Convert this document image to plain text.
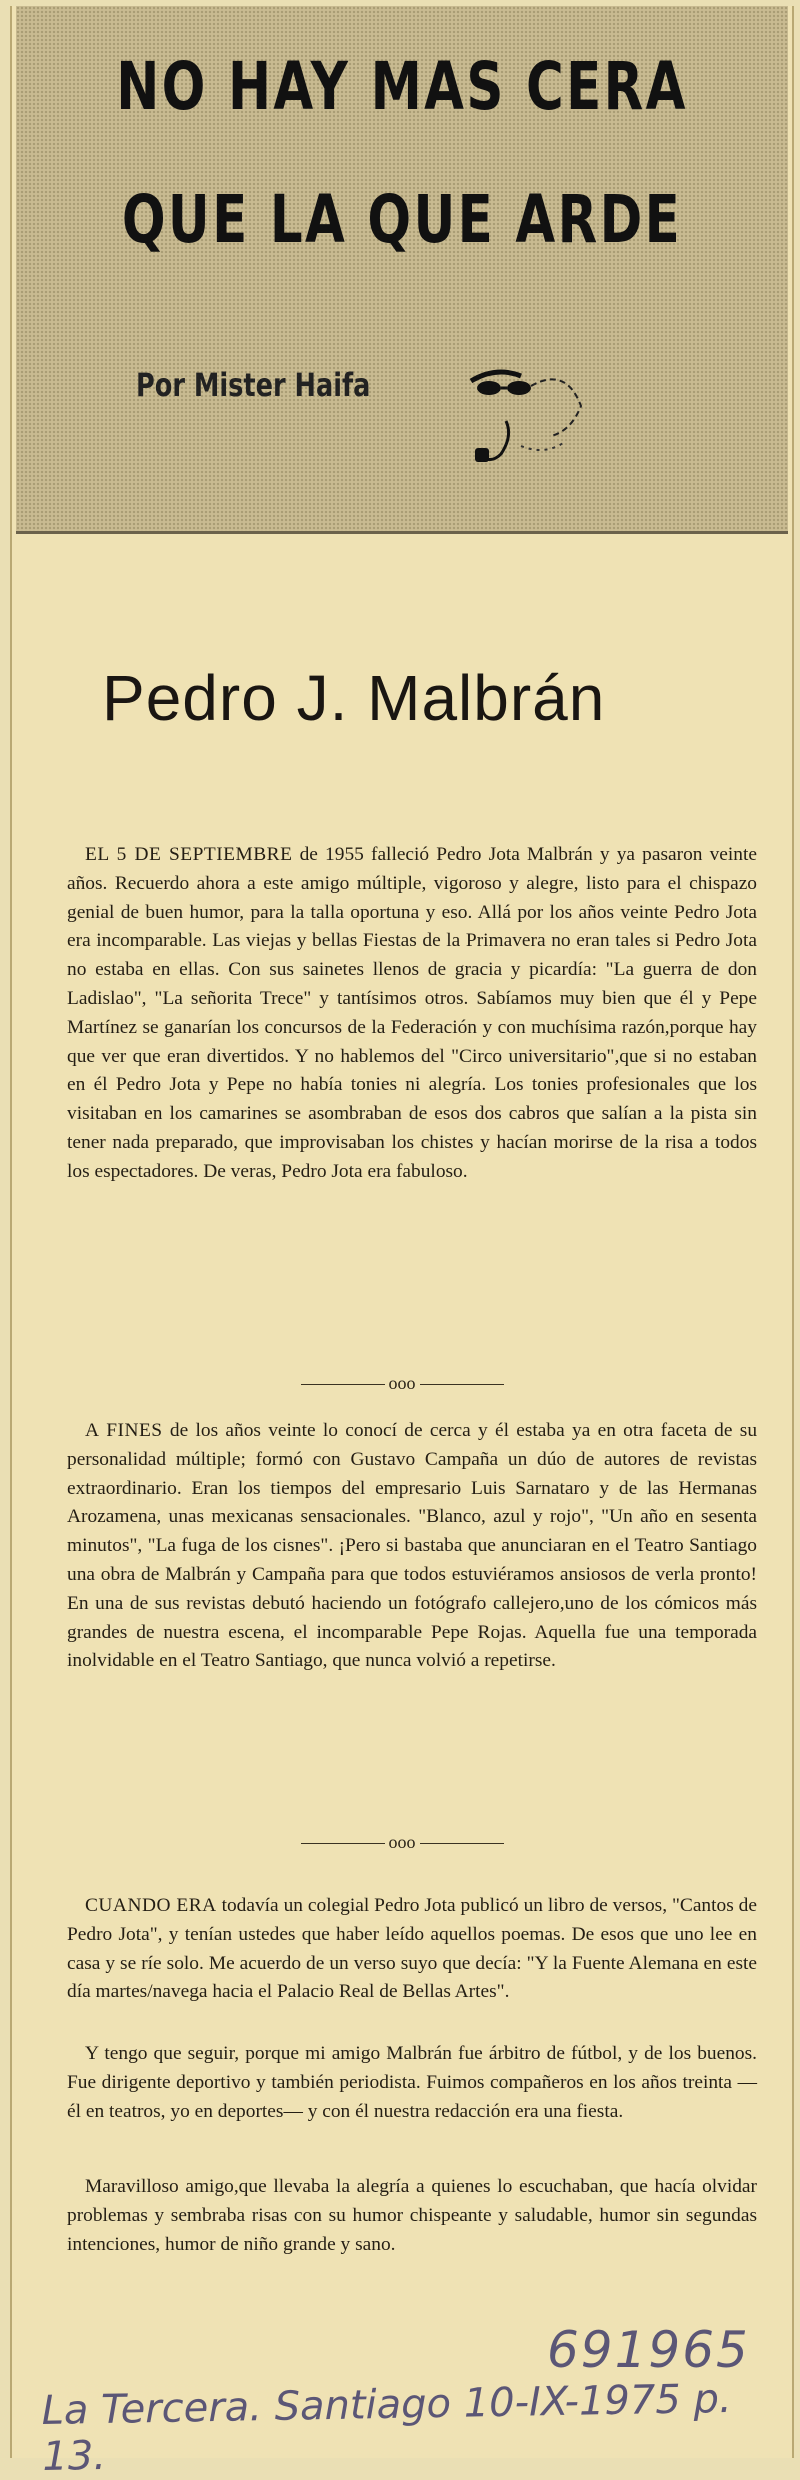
NO HAY MAS CERA
QUE LA QUE ARDE
Por Mister Haifa
Pedro J. Malbrán

EL 5 DE SEPTIEMBRE de 1955 falleció Pedro Jota Malbrán y ya pasaron veinte años. Recuerdo ahora a este amigo múltiple, vigoroso y alegre, listo para el chispazo genial de buen humor, para la talla oportuna y eso. Allá por los años veinte Pedro Jota era incomparable. Las viejas y bellas Fiestas de la Primavera no eran tales si Pedro Jota no estaba en ellas. Con sus sainetes llenos de gracia y picardía: "La guerra de don Ladislao", "La señorita Trece" y tantísimos otros. Sabíamos muy bien que él y Pepe Martínez se ganarían los concursos de la Federación y con muchísima razón,porque hay que ver que eran divertidos. Y no hablemos del "Circo universitario",que si no estaban en él Pedro Jota y Pepe no había tonies ni alegría. Los tonies profesionales que los visitaban en los camarines se asombraban de esos dos cabros que salían a la pista sin tener nada preparado, que improvisaban los chistes y hacían morirse de la risa a todos los espectadores. De veras, Pedro Jota era fabuloso.

ooo

A FINES de los años veinte lo conocí de cerca y él estaba ya en otra faceta de su personalidad múltiple; formó con Gustavo Campaña un dúo de autores de revistas extraordinario. Eran los tiempos del empresario Luis Sarnataro y de las Hermanas Arozamena, unas mexicanas sensacionales. "Blanco, azul y rojo", "Un año en sesenta minutos", "La fuga de los cisnes". ¡Pero si bastaba que anunciaran en el Teatro Santiago una obra de Malbrán y Campaña para que todos estuviéramos ansiosos de verla pronto! En una de sus revistas debutó haciendo un fotógrafo callejero,uno de los cómicos más grandes de nuestra escena, el incomparable Pepe Rojas. Aquella fue una temporada inolvidable en el Teatro Santiago, que nunca volvió a repetirse.

ooo

CUANDO ERA todavía un colegial Pedro Jota publicó un libro de versos, "Cantos de Pedro Jota", y tenían ustedes que haber leído aquellos poemas. De esos que uno lee en casa y se ríe solo. Me acuerdo de un verso suyo que decía: "Y la Fuente Alemana en este día martes/navega hacia el Palacio Real de Bellas Artes".

Y tengo que seguir, porque mi amigo Malbrán fue árbitro de fútbol, y de los buenos. Fue dirigente deportivo y también periodista. Fuimos compañeros en los años treinta —él en teatros, yo en deportes— y con él nuestra redacción era una fiesta.

Maravilloso amigo,que llevaba la alegría a quienes lo escuchaban, que hacía olvidar problemas y sembraba risas con su humor chispeante y saludable, humor sin segundas intenciones, humor de niño grande y sano.

691965
La Tercera. Santiago 10-IX-1975 p. 13.
